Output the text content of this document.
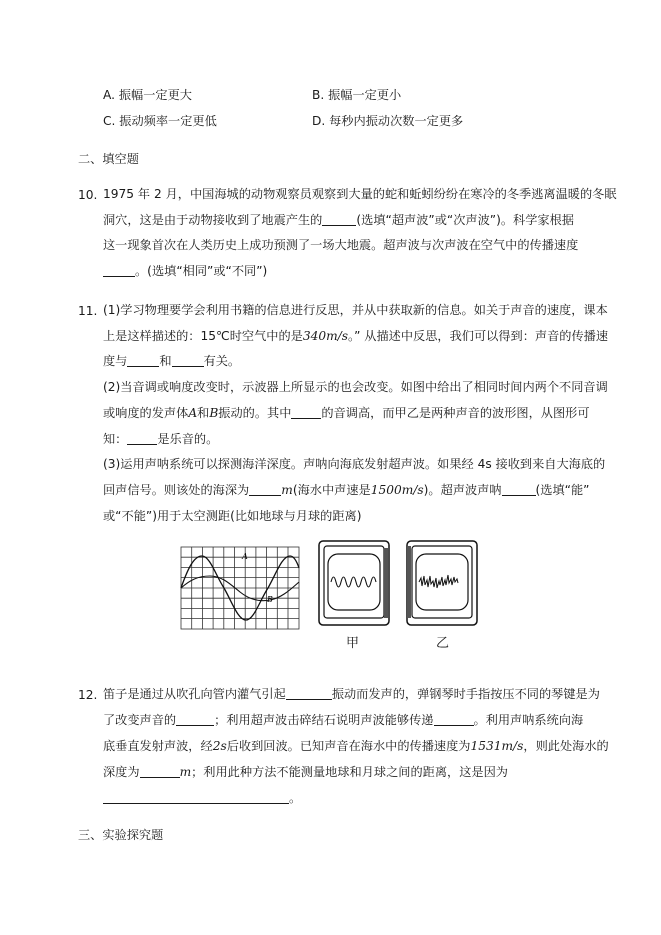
A. 振幅一定更大	B. 振幅一定更小
C. 振动频率一定更低	D. 每秒内振动次数一定更多
二、填空题
10. 1975 年 2 月，中国海城的动物观察员观察到大量的蛇和蚯蚓纷纷在寒冷的冬季逃离温暖的冬眠
洞穴，这是由于动物接收到了地震产生的	(选填“超声波”或“次声波”)。科学家根据
这一现象首次在人类历史上成功预测了一场大地震。超声波与次声波在空气中的传播速度
。(选填“相同”或“不同”)
11. (1)学习物理要学会利用书籍的信息进行反思，并从中获取新的信息。如关于声音的速度，课本
上是这样描述的：15℃时空气中的是340m/s。” 从描述中反思，我们可以得到：声音的传播速
度与	和	有关。
(2)当音调或响度改变时，示波器上所显示的也会改变。如图中给出了相同时间内两个不同音调
或响度的发声体A和B振动的。其中 的音调高，而甲乙是两种声音的波形图，从图形可
知： 是乐音的。
(3)运用声呐系统可以探测海洋深度。声呐向海底发射超声波。如果经 4s 接收到来自大海底的
回声信号。则该处的海深为	m(海水中声速是1500m/s)。超声波声呐	(选填“能”
或“不能”)用于太空测距(比如地球与月球的距离)
A
B
甲	乙
12. 笛子是通过从吹孔向管内灌气引起	振动而发声的，弹钢琴时手指按压不同的琴键是为
了改变声音的	；利用超声波击碎结石说明声波能够传递	。利用声呐系统向海
底垂直发射声波，经2s后收到回波。已知声音在海水中的传播速度为1531m/s，则此处海水的
深度为	m；利用此种方法不能测量地球和月球之间的距离，这是因为
。
三、实验探究题
